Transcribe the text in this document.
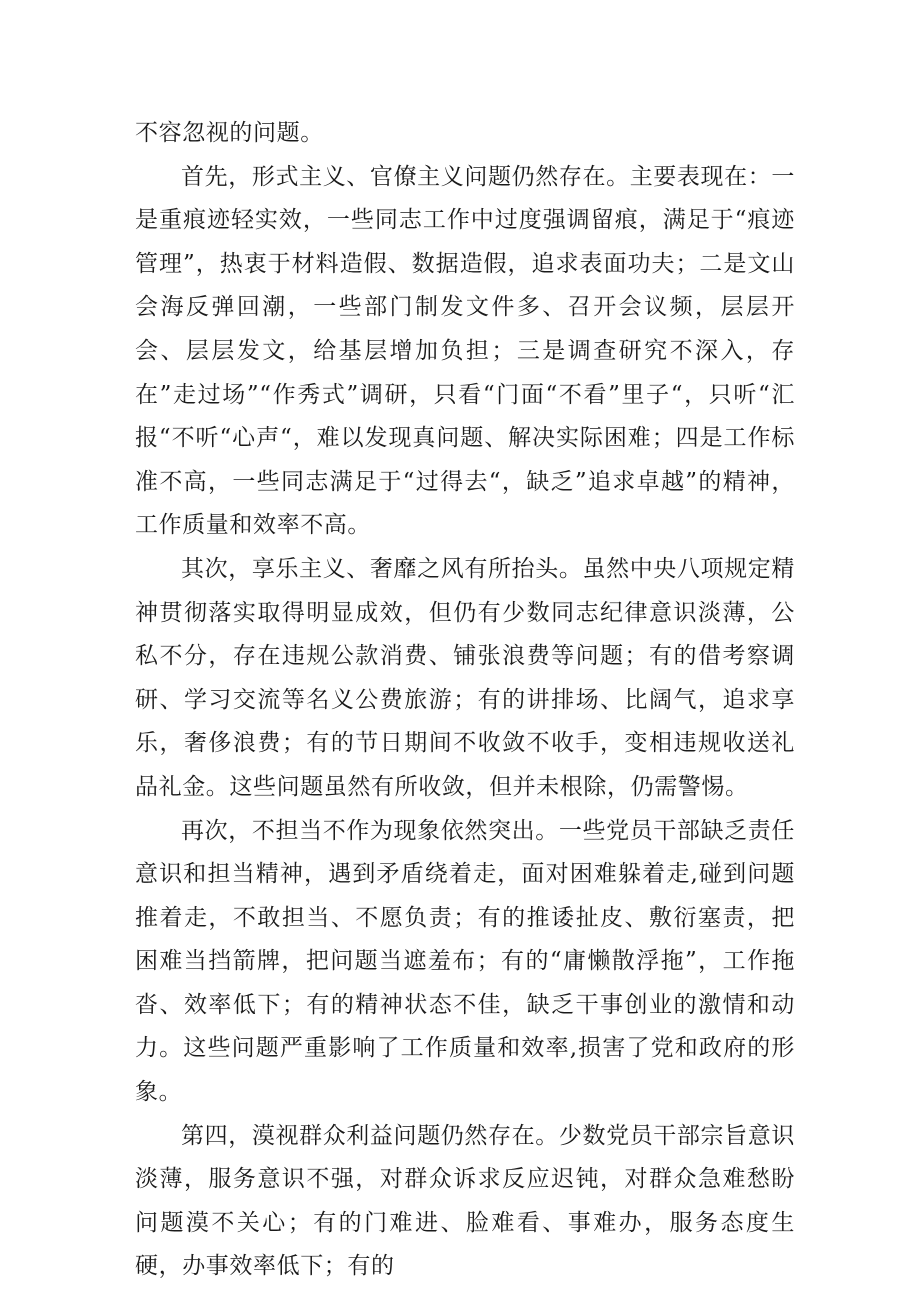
不容忽视的问题。

首先，形式主义、官僚主义问题仍然存在。主要表现在：一是重痕迹轻实效，一些同志工作中过度强调留痕，满足于“痕迹管理”，热衷于材料造假、数据造假，追求表面功夫；二是文山会海反弹回潮，一些部门制发文件多、召开会议频，层层开会、层层发文，给基层增加负担；三是调查研究不深入，存在”走过场”“作秀式”调研，只看“门面“不看”里子“，只听“汇报“不听“心声“，难以发现真问题、解决实际困难；四是工作标准不高，一些同志满足于“过得去“，缺乏”追求卓越”的精神，工作质量和效率不高。

其次，享乐主义、奢靡之风有所抬头。虽然中央八项规定精神贯彻落实取得明显成效，但仍有少数同志纪律意识淡薄，公私不分，存在违规公款消费、铺张浪费等问题；有的借考察调研、学习交流等名义公费旅游；有的讲排场、比阔气，追求享乐，奢侈浪费；有的节日期间不收敛不收手，变相违规收送礼品礼金。这些问题虽然有所收敛，但并未根除，仍需警惕。

再次，不担当不作为现象依然突出。一些党员干部缺乏责任意识和担当精神，遇到矛盾绕着走，面对困难躲着走,碰到问题推着走，不敢担当、不愿负责；有的推诿扯皮、敷衍塞责，把困难当挡箭牌，把问题当遮羞布；有的“庸懒散浮拖”，工作拖沓、效率低下；有的精神状态不佳，缺乏干事创业的激情和动力。这些问题严重影响了工作质量和效率,损害了党和政府的形象。

第四，漠视群众利益问题仍然存在。少数党员干部宗旨意识淡薄，服务意识不强，对群众诉求反应迟钝，对群众急难愁盼问题漠不关心；有的门难进、脸难看、事难办，服务态度生硬，办事效率低下；有的
